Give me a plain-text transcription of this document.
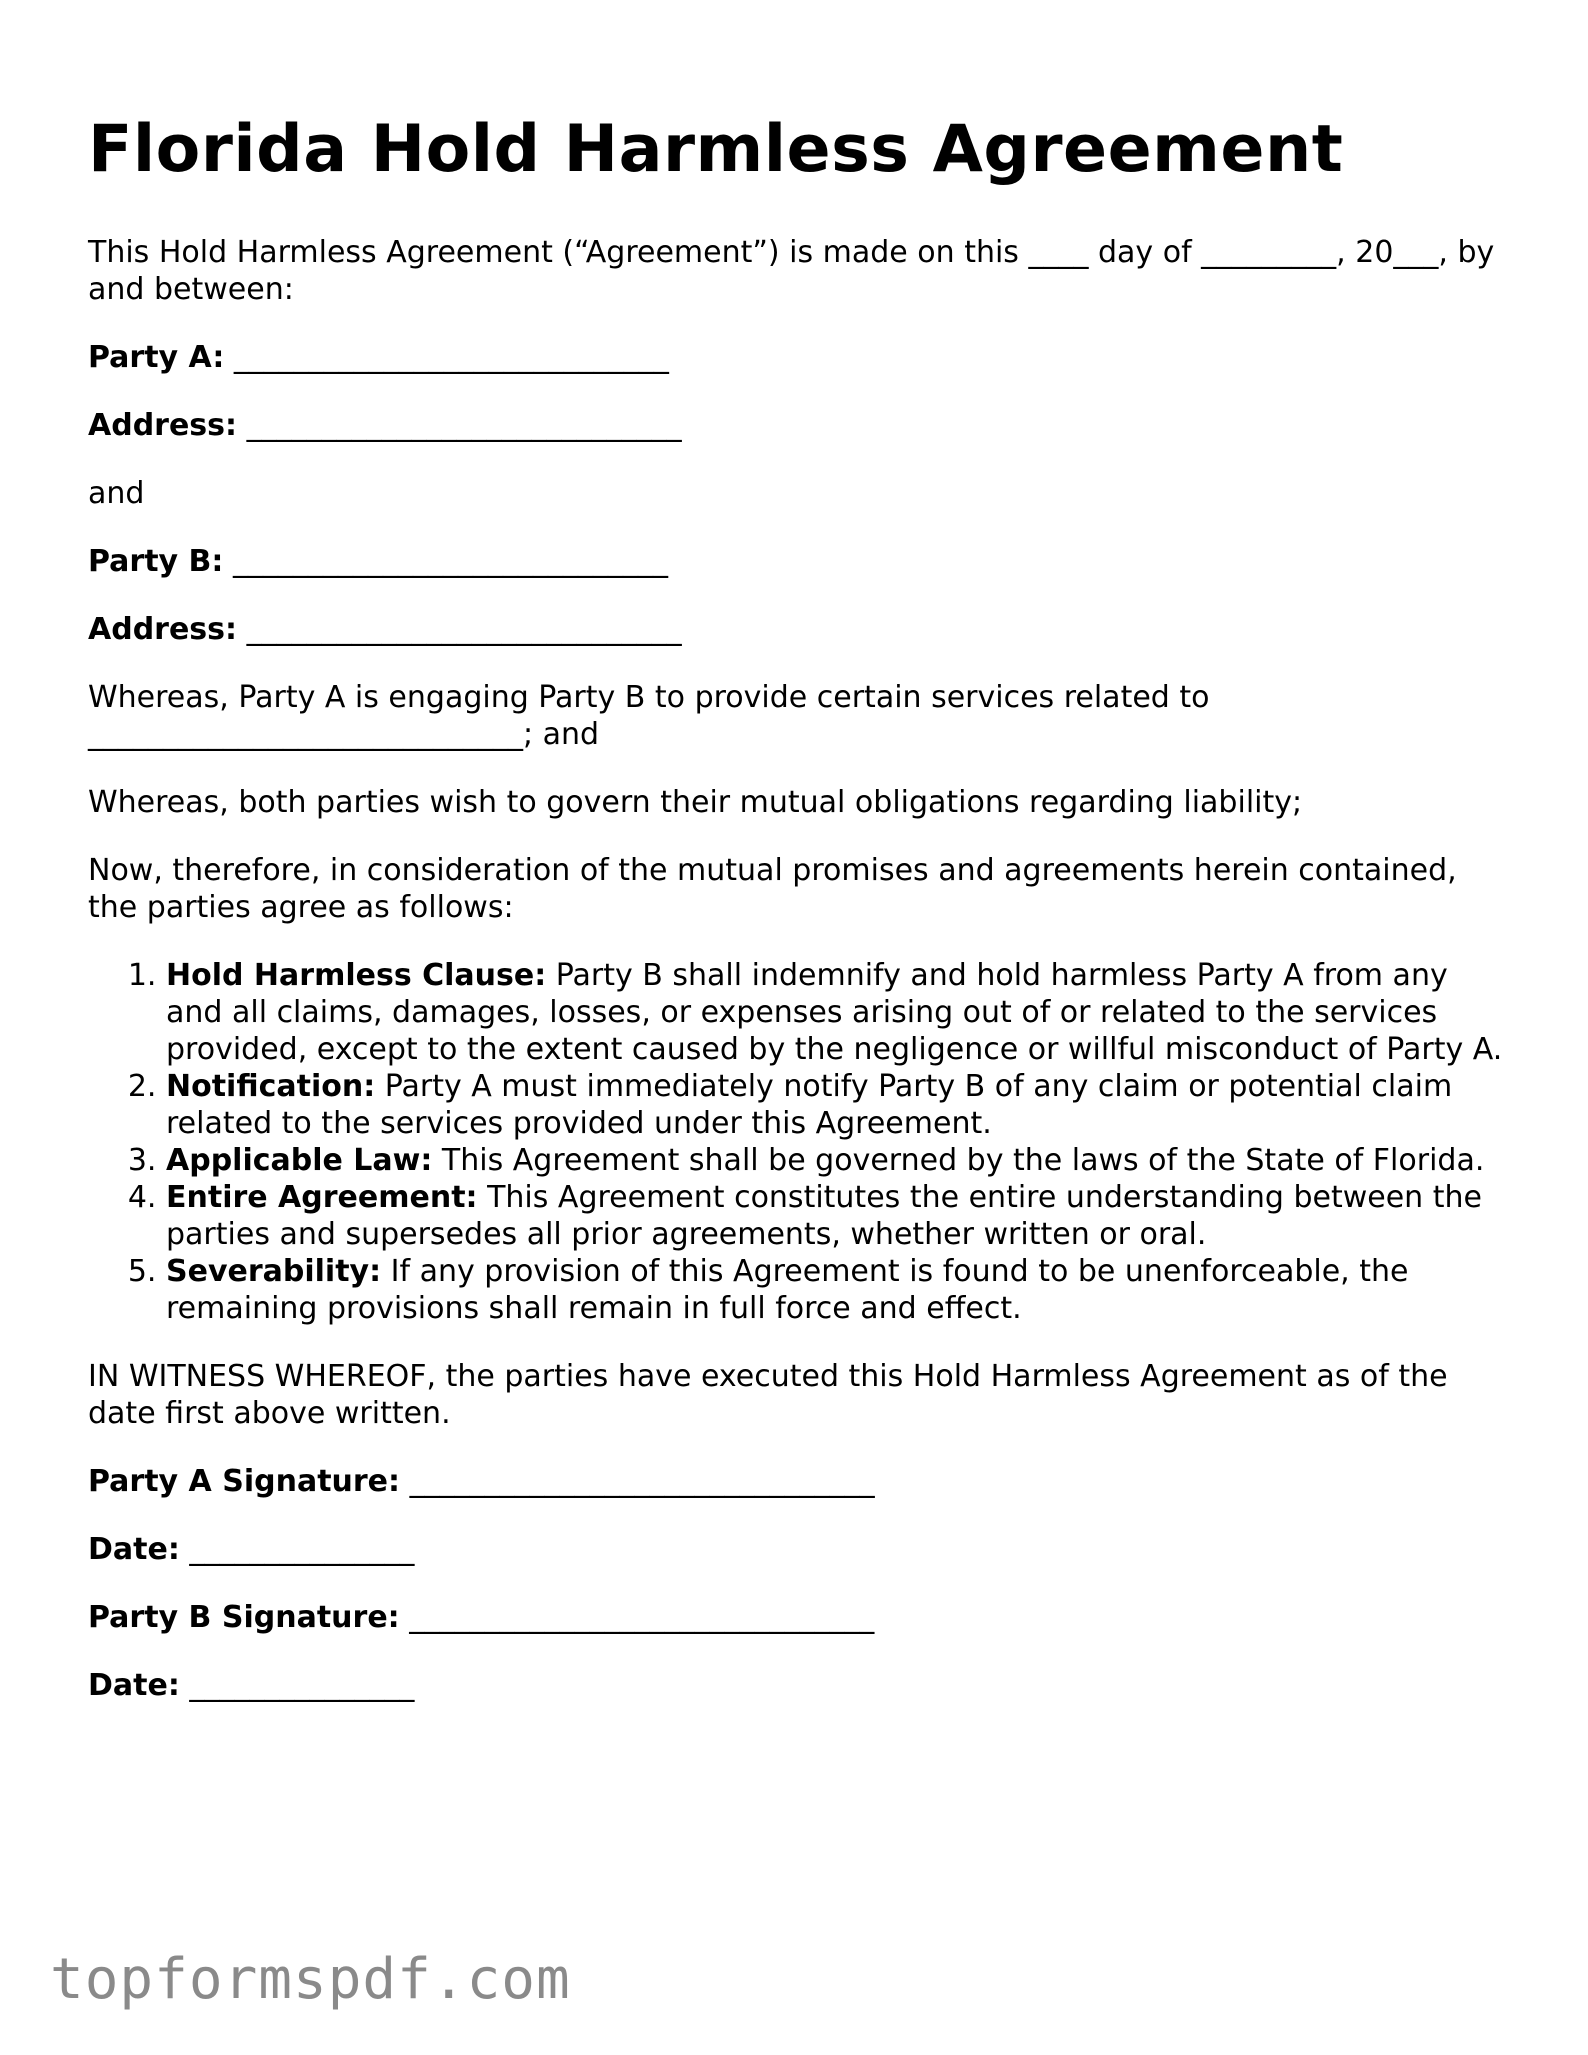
Florida Hold Harmless Agreement

This Hold Harmless Agreement (“Agreement”) is made on this ____ day of _________, 20___, by and between:

Party A: _____________________________

Address: _____________________________

and

Party B: _____________________________

Address: _____________________________

Whereas, Party A is engaging Party B to provide certain services related to _____________________________; and

Whereas, both parties wish to govern their mutual obligations regarding liability;

Now, therefore, in consideration of the mutual promises and agreements herein contained, the parties agree as follows:

1. Hold Harmless Clause: Party B shall indemnify and hold harmless Party A from any and all claims, damages, losses, or expenses arising out of or related to the services provided, except to the extent caused by the negligence or willful misconduct of Party A.
2. Notification: Party A must immediately notify Party B of any claim or potential claim related to the services provided under this Agreement.
3. Applicable Law: This Agreement shall be governed by the laws of the State of Florida.
4. Entire Agreement: This Agreement constitutes the entire understanding between the parties and supersedes all prior agreements, whether written or oral.
5. Severability: If any provision of this Agreement is found to be unenforceable, the remaining provisions shall remain in full force and effect.

IN WITNESS WHEREOF, the parties have executed this Hold Harmless Agreement as of the date first above written.

Party A Signature: _______________________________

Date: _______________

Party B Signature: _______________________________

Date: _______________

topformspdf.com
